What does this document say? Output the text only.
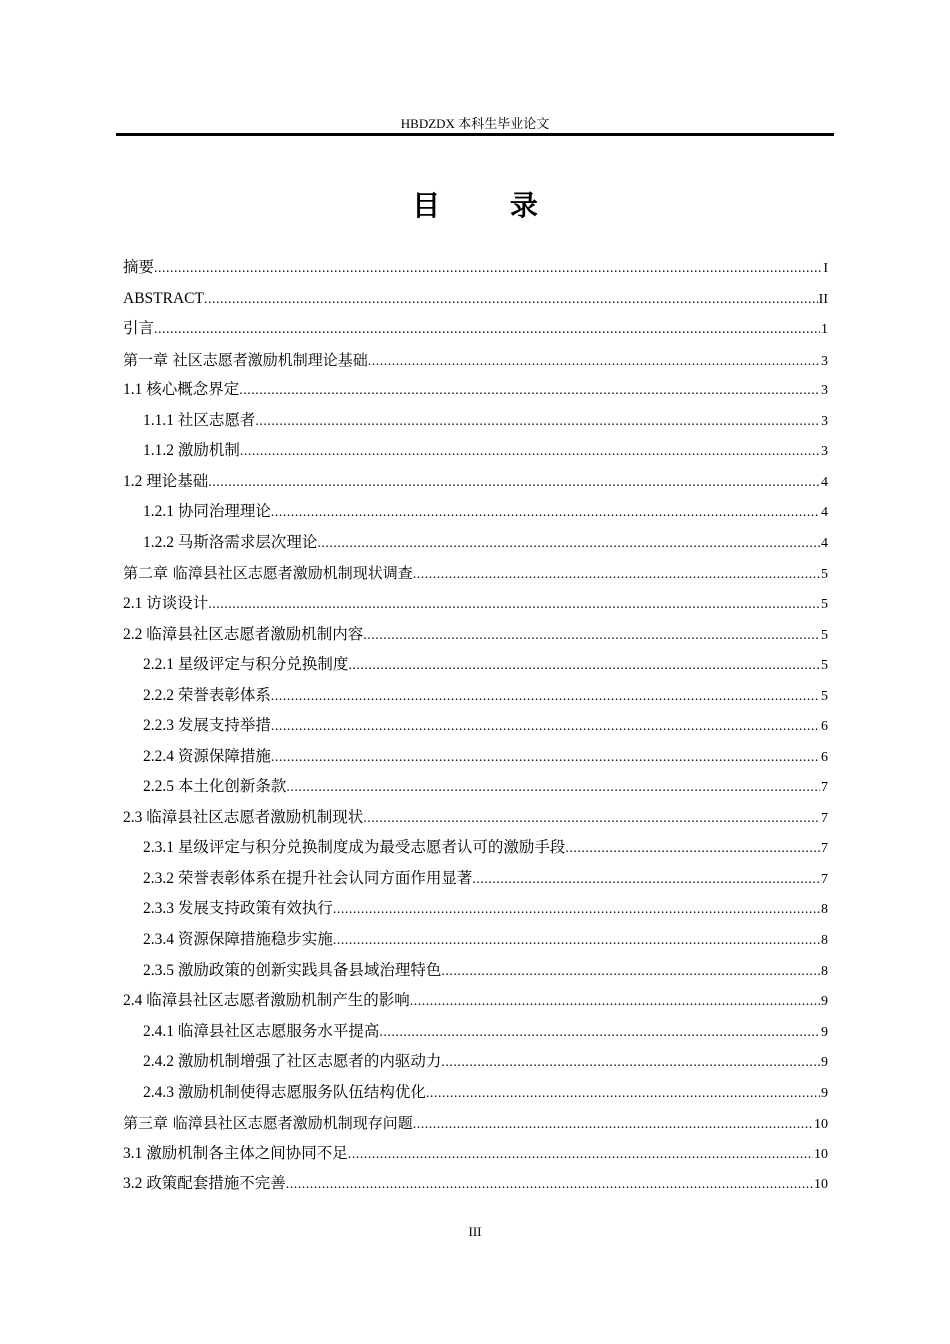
HBDZDX 本科生毕业论文
目 录
摘要 .....	I
ABSTRACT .....	II
引言 .....	1
第一章 社区志愿者激励机制理论基础 .....	3
1.1 核心概念界定 .....	3
1.1.1 社区志愿者 .....	3
1.1.2 激励机制 .....	3
1.2 理论基础 .....	4
1.2.1 协同治理理论 .....	4
1.2.2 马斯洛需求层次理论 .....	4
第二章 临漳县社区志愿者激励机制现状调查 .....	5
2.1 访谈设计 .....	5
2.2 临漳县社区志愿者激励机制内容 .....	5
2.2.1 星级评定与积分兑换制度 .....	5
2.2.2 荣誉表彰体系 .....	5
2.2.3 发展支持举措 .....	6
2.2.4 资源保障措施 .....	6
2.2.5 本土化创新条款 .....	7
2.3 临漳县社区志愿者激励机制现状 .....	7
2.3.1 星级评定与积分兑换制度成为最受志愿者认可的激励手段 .....	7
2.3.2 荣誉表彰体系在提升社会认同方面作用显著 .....	7
2.3.3 发展支持政策有效执行 .....	8
2.3.4 资源保障措施稳步实施 .....	8
2.3.5 激励政策的创新实践具备县域治理特色 .....	8
2.4 临漳县社区志愿者激励机制产生的影响 .....	9
2.4.1 临漳县社区志愿服务水平提高 .....	9
2.4.2 激励机制增强了社区志愿者的内驱动力 .....	9
2.4.3 激励机制使得志愿服务队伍结构优化 .....	9
第三章 临漳县社区志愿者激励机制现存问题 .....	10
3.1 激励机制各主体之间协同不足 .....	10
3.2 政策配套措施不完善 .....	10
III
